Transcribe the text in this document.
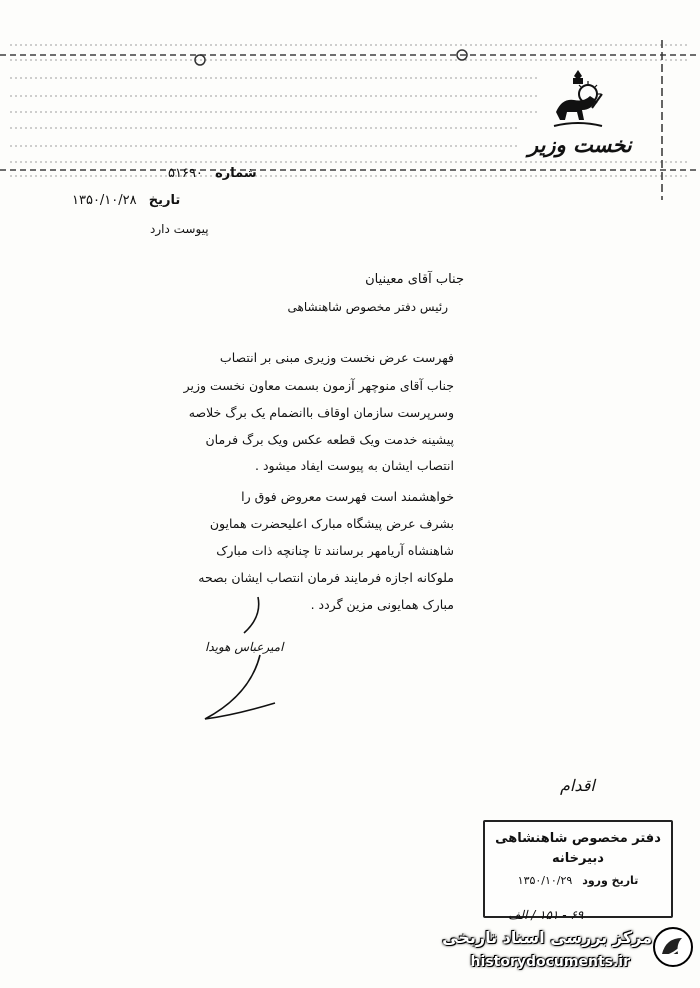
نخست وزیر
شماره ۵۱۶۹۰
تاریخ ۱۳۵۰/۱۰/۲۸
پیوست دارد
جناب آقای معینیان
رئیس دفتر مخصوص شاهنشاهی
فهرست عرض نخست وزیری مبنی بر انتصاب
جناب آقای منوچهر آزمون بسمت معاون نخست وزیر
وسرپرست سازمان اوقاف باانضمام یک برگ خلاصه
پیشینه خدمت ویک قطعه عکس ویک برگ فرمان
انتصاب ایشان به پیوست ایفاد میشود .
خواهشمند است فهرست معروض فوق را
بشرف عرض پیشگاه مبارک اعلیحضرت همایون
شاهنشاه آریامهر برسانند تا چنانچه ذات مبارک
ملوکانه اجازه فرمایند فرمان انتصاب ایشان بصحه
مبارک همایونی مزین گردد .
امیرعباس هویدا
اقدام
دفتر مخصوص شاهنشاهی
دبیرخانه
تاریخ ورود ۱۳۵۰/۱۰/۲۹
۶۹ - ۱۵۱ / الف
مرکز بررسی اسناد تاریخی
historydocuments.ir
